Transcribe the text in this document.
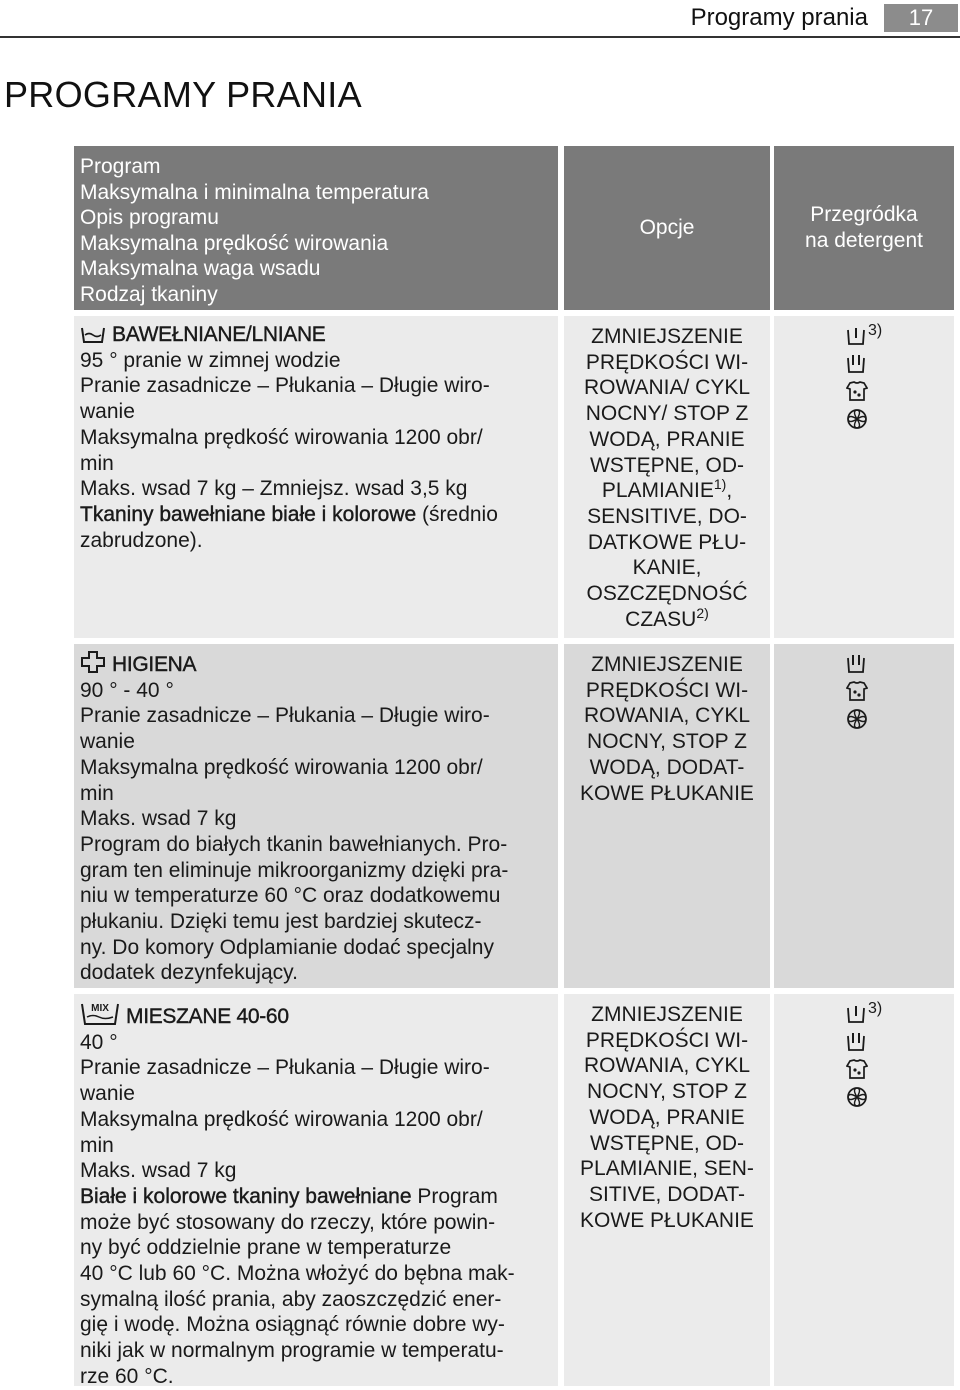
Programy prania	17
PROGRAMY PRANIA
Program
Maksymalna i minimalna temperatura
Opis programu
Maksymalna prędkość wirowania
Maksymalna waga wsadu
Rodzaj tkaniny
Opcje
Przegródka
na detergent
BAWEŁNIANE/LNIANE
95 ° pranie w zimnej wodzie
Pranie zasadnicze – Płukania – Długie wiro-
wanie
Maksymalna prędkość wirowania 1200 obr/
min
Maks. wsad 7 kg – Zmniejsz. wsad 3,5 kg
Tkaniny bawełniane białe i kolorowe (średnio
zabrudzone).
ZMNIEJSZENIE
PRĘDKOŚCI WI-
ROWANIA/ CYKL
NOCNY/ STOP Z
WODĄ, PRANIE
WSTĘPNE, OD-
PLAMIANIE$^{1)}$,
SENSITIVE, DO-
DATKOWE PŁU-
KANIE,
OSZCZĘDNOŚĆ
CZASU$^{2)}$
3)
HIGIENA
90 ° - 40 °
Pranie zasadnicze – Płukania – Długie wiro-
wanie
Maksymalna prędkość wirowania 1200 obr/
min
Maks. wsad 7 kg
Program do białych tkanin bawełnianych. Pro-
gram ten eliminuje mikroorganizmy dzięki pra-
niu w temperaturze 60 °C oraz dodatkowemu
płukaniu. Dzięki temu jest bardziej skutecz-
ny. Do komory Odplamianie dodać specjalny
dodatek dezynfekujący.
ZMNIEJSZENIE
PRĘDKOŚCI WI-
ROWANIA, CYKL
NOCNY, STOP Z
WODĄ, DODAT-
KOWE PŁUKANIE
MIX MIESZANE 40-60
40 °
Pranie zasadnicze – Płukania – Długie wiro-
wanie
Maksymalna prędkość wirowania 1200 obr/
min
Maks. wsad 7 kg
Białe i kolorowe tkaniny bawełniane Program
może być stosowany do rzeczy, które powin-
ny być oddzielnie prane w temperaturze
40 °C lub 60 °C. Można włożyć do bębna mak-
symalną ilość prania, aby zaoszczędzić ener-
gię i wodę. Można osiągnąć równie dobre wy-
niki jak w normalnym programie w temperatu-
rze 60 °C.
ZMNIEJSZENIE
PRĘDKOŚCI WI-
ROWANIA, CYKL
NOCNY, STOP Z
WODĄ, PRANIE
WSTĘPNE, OD-
PLAMIANIE, SEN-
SITIVE, DODAT-
KOWE PŁUKANIE
3)
